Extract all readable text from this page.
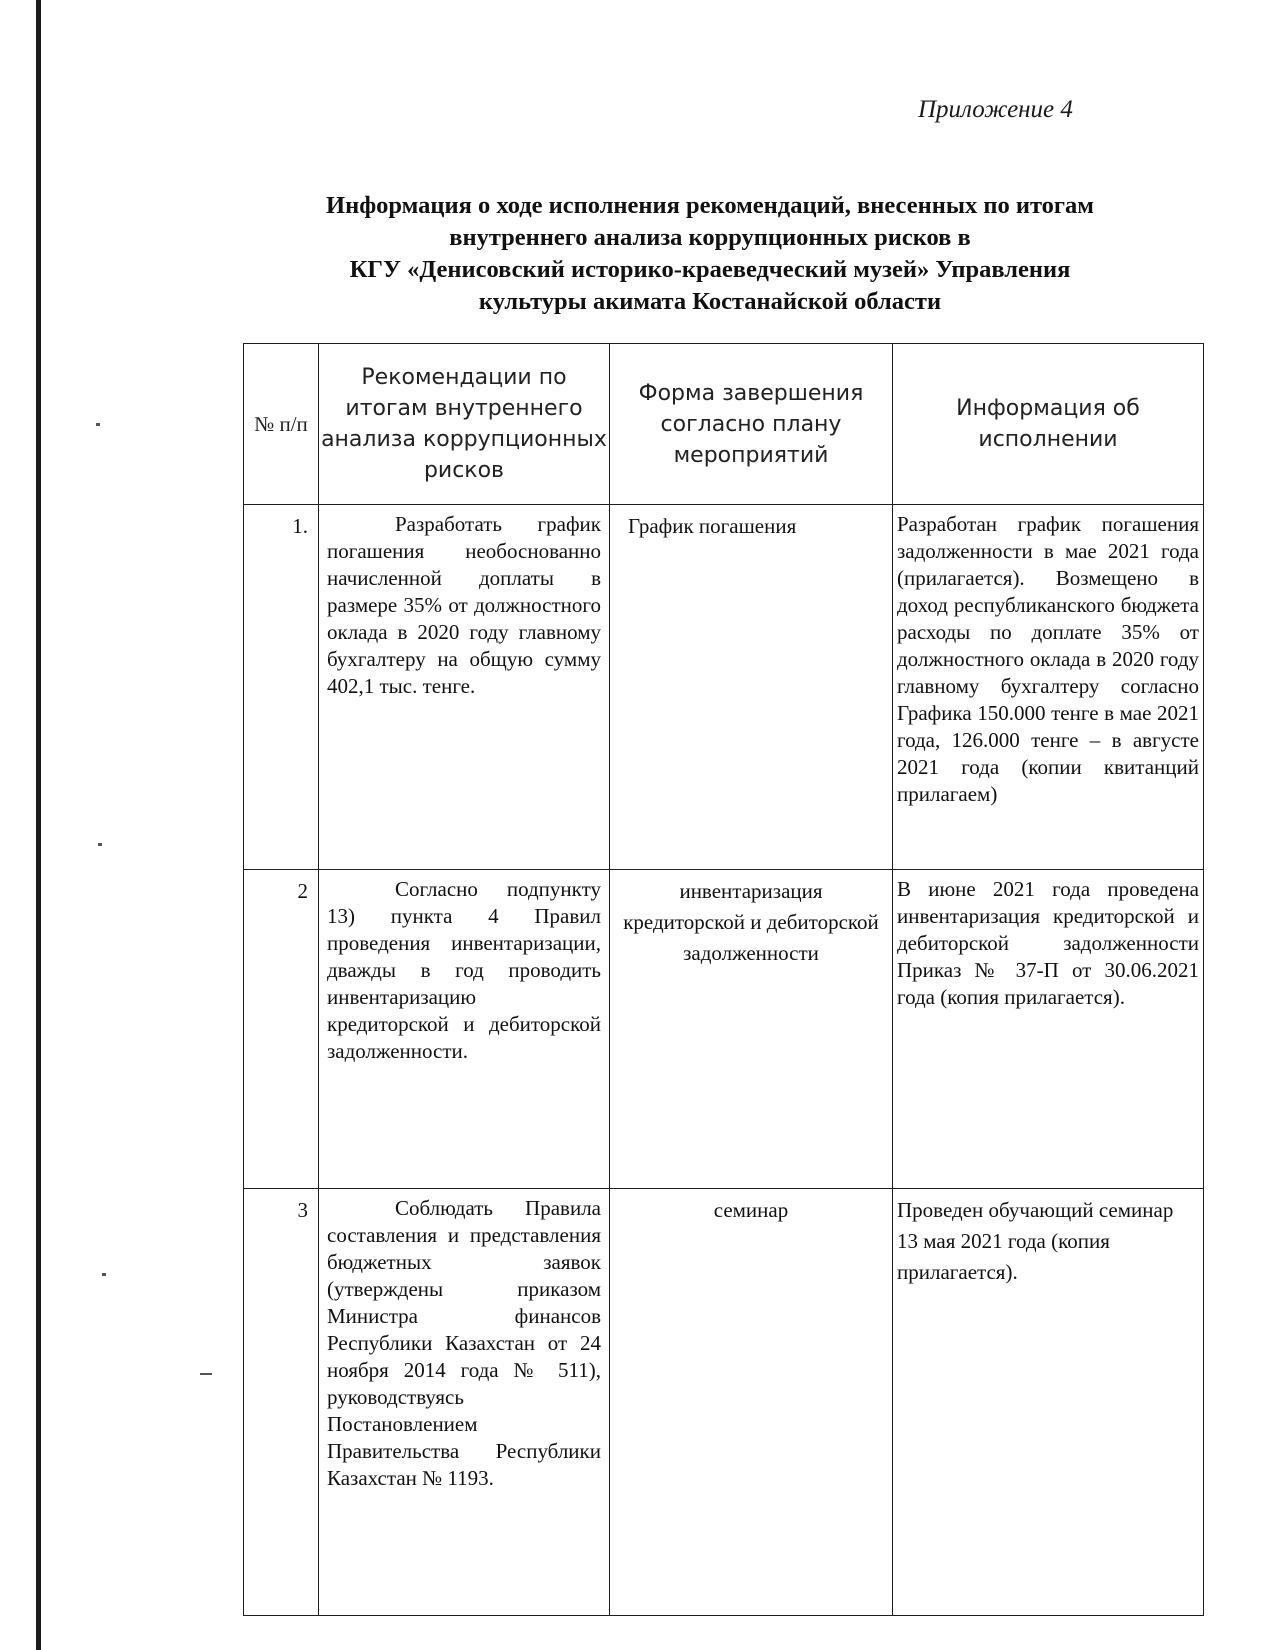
Приложение 4
Информация о ходе исполнения рекомендаций, внесенных по итогам
внутреннего анализа коррупционных рисков в
КГУ «Денисовский историко-краеведческий музей» Управления
культуры акимата Костанайской области
№ п/п	Рекомендации по итогам внутреннего анализа коррупционных рисков	Форма завершения согласно плану мероприятий	Информация об исполнении
1.	Разработать график погашения необоснованно начисленной доплаты в размере 35% от должностного оклада в 2020 году главному бухгалтеру на общую сумму 402,1 тыс. тенге.	График погашения	Разработан график погашения задолженности в мае 2021 года (прилагается). Возмещено в доход республиканского бюджета расходы по доплате 35% от должностного оклада в 2020 году главному бухгалтеру согласно Графика 150.000 тенге в мае 2021 года, 126.000 тенге – в августе 2021 года (копии квитанций прилагаем)
2	Согласно подпункту 13) пункта 4 Правил проведения инвентаризации, дважды в год проводить инвентаризацию кредиторской и дебиторской задолженности.	инвентаризация кредиторской и дебиторской задолженности	В июне 2021 года проведена инвентаризация кредиторской и дебиторской задолженности Приказ № 37-П от 30.06.2021 года (копия прилагается).
3	Соблюдать Правила составления и представления бюджетных заявок (утверждены приказом Министра финансов Республики Казахстан от 24 ноября 2014 года № 511), руководствуясь Постановлением Правительства Республики Казахстан № 1193.	семинар	Проведен обучающий семинар 13 мая 2021 года (копия прилагается).
